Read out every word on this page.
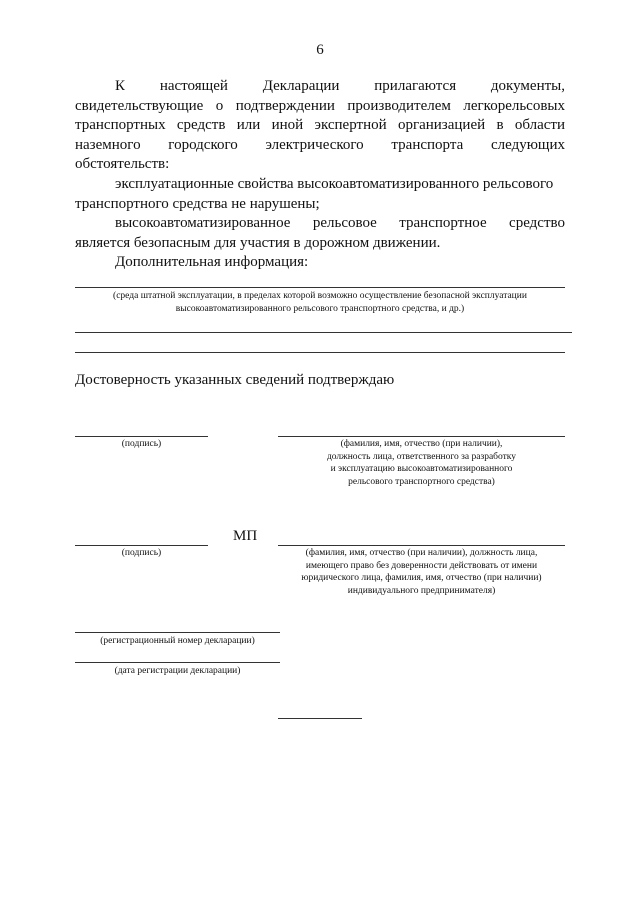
6
К настоящей Декларации прилагаются документы,
свидетельствующие о подтверждении производителем легкорельсовых
транспортных средств или иной экспертной организацией в области
наземного городского электрического транспорта следующих
обстоятельств:
эксплуатационные свойства высокоавтоматизированного рельсового
транспортного средства не нарушены;
высокоавтоматизированное рельсовое транспортное средство
является безопасным для участия в дорожном движении.
Дополнительная информация:
(среда штатной эксплуатации, в пределах которой возможно осуществление безопасной эксплуатации
высокоавтоматизированного рельсового транспортного средства, и др.)
Достоверность указанных сведений подтверждаю
(подпись)	(фамилия, имя, отчество (при наличии),
должность лица, ответственного за разработку
и эксплуатацию высокоавтоматизированного
рельсового транспортного средства)
МП
(подпись)	(фамилия, имя, отчество (при наличии), должность лица,
имеющего право без доверенности действовать от имени
юридического лица, фамилия, имя, отчество (при наличии)
индивидуального предпринимателя)
(регистрационный номер декларации)
(дата регистрации декларации)
